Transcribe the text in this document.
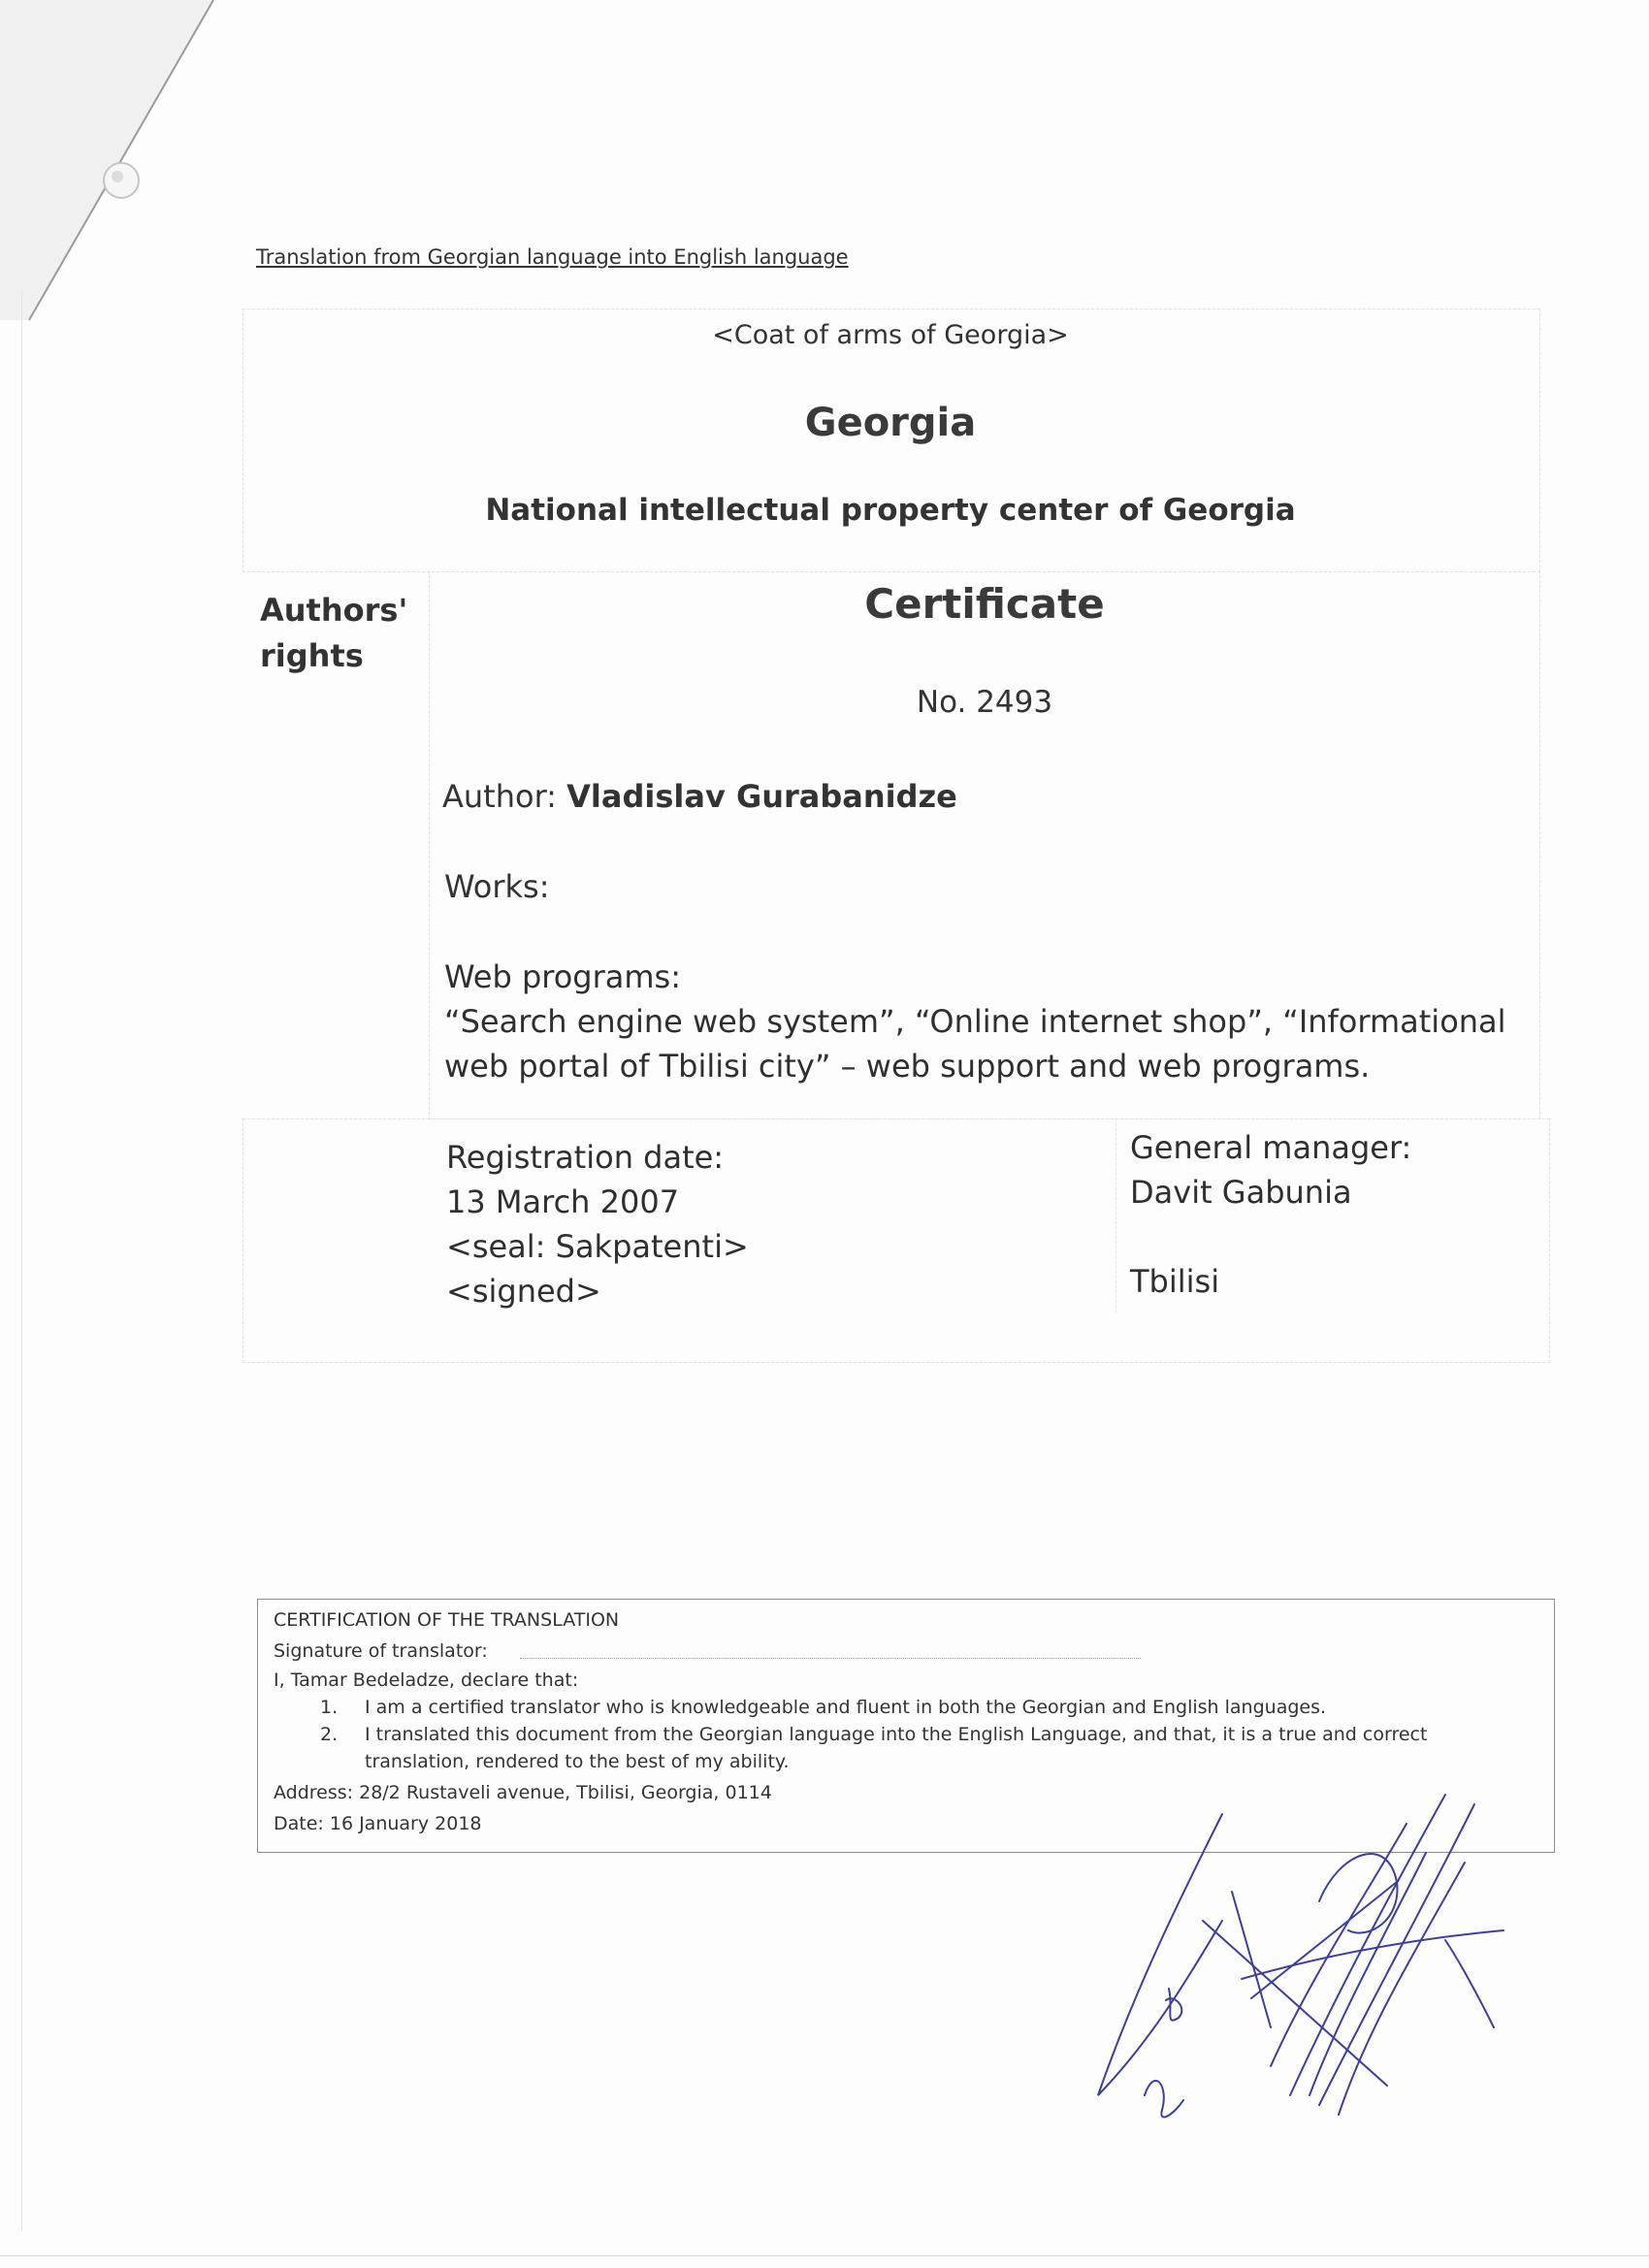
Translation from Georgian language into English language
<Coat of arms of Georgia>
Georgia
National intellectual property center of Georgia
Authors'
rights
Certificate
No. 2493
Author: Vladislav Gurabanidze
Works:
Web programs:
“Search engine web system”, “Online internet shop”, “Informational
web portal of Tbilisi city” – web support and web programs.
Registration date:
13 March 2007
<seal: Sakpatenti>
<signed>
General manager:
Davit Gabunia
Tbilisi
CERTIFICATION OF THE TRANSLATION
Signature of translator:
I, Tamar Bedeladze, declare that:
1. I am a certified translator who is knowledgeable and fluent in both the Georgian and English languages.
2. I translated this document from the Georgian language into the English Language, and that, it is a true and correct
translation, rendered to the best of my ability.
Address: 28/2 Rustaveli avenue, Tbilisi, Georgia, 0114
Date: 16 January 2018
